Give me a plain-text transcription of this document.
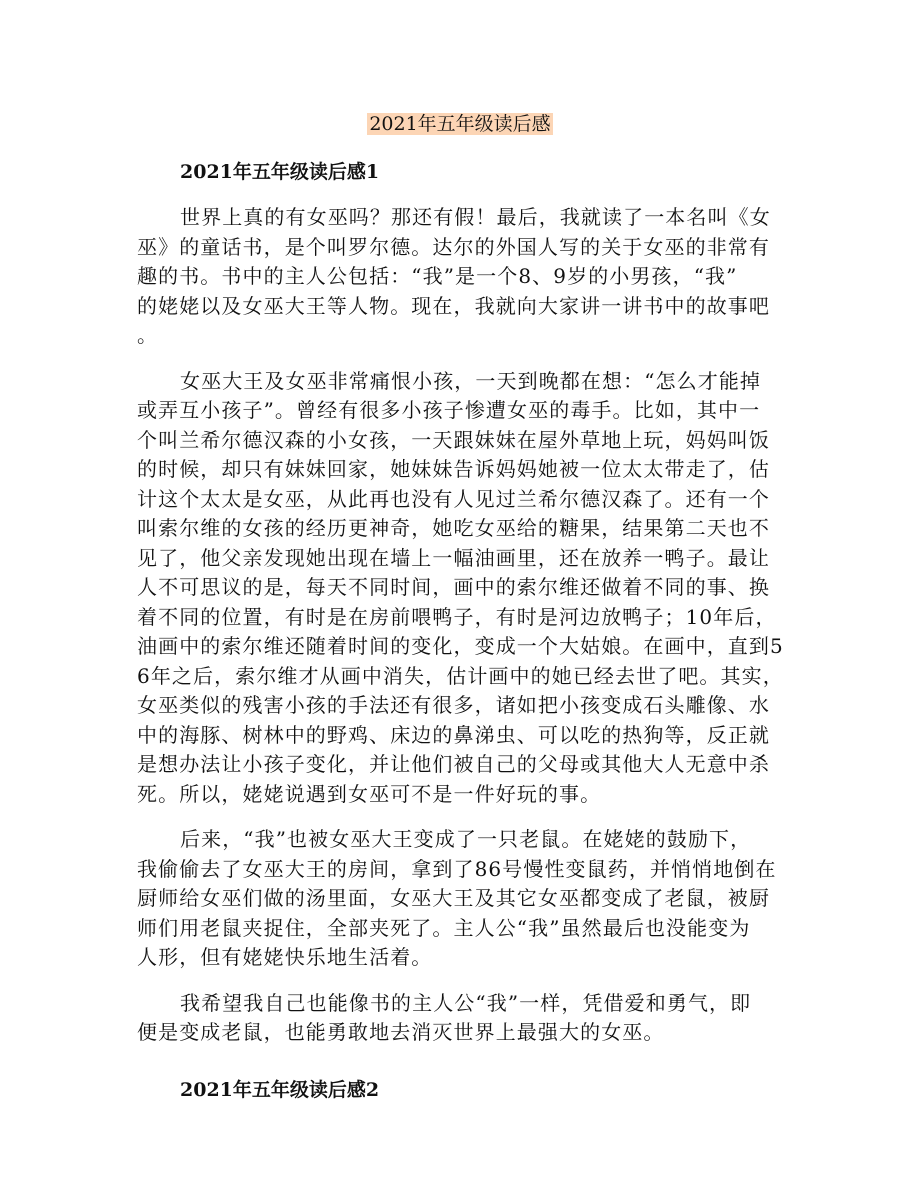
2021年五年级读后感
2021年五年级读后感1
世界上真的有女巫吗？那还有假！最后，我就读了一本名叫《女
巫》的童话书，是个叫罗尔德。达尔的外国人写的关于女巫的非常有
趣的书。书中的主人公包括：“我”是一个8、9岁的小男孩，“我”
的姥姥以及女巫大王等人物。现在，我就向大家讲一讲书中的故事吧
。
女巫大王及女巫非常痛恨小孩，一天到晚都在想：“怎么才能掉
或弄互小孩子”。曾经有很多小孩子惨遭女巫的毒手。比如，其中一
个叫兰希尔德汉森的小女孩，一天跟妹妹在屋外草地上玩，妈妈叫饭
的时候，却只有妹妹回家，她妹妹告诉妈妈她被一位太太带走了，估
计这个太太是女巫，从此再也没有人见过兰希尔德汉森了。还有一个
叫索尔维的女孩的经历更神奇，她吃女巫给的糖果，结果第二天也不
见了，他父亲发现她出现在墙上一幅油画里，还在放养一鸭子。最让
人不可思议的是，每天不同时间，画中的索尔维还做着不同的事、换
着不同的位置，有时是在房前喂鸭子，有时是河边放鸭子；10年后，
油画中的索尔维还随着时间的变化，变成一个大姑娘。在画中，直到5
6年之后，索尔维才从画中消失，估计画中的她已经去世了吧。其实，
女巫类似的残害小孩的手法还有很多，诸如把小孩变成石头雕像、水
中的海豚、树林中的野鸡、床边的鼻涕虫、可以吃的热狗等，反正就
是想办法让小孩子变化，并让他们被自己的父母或其他大人无意中杀
死。所以，姥姥说遇到女巫可不是一件好玩的事。
后来，“我”也被女巫大王变成了一只老鼠。在姥姥的鼓励下，
我偷偷去了女巫大王的房间，拿到了86号慢性变鼠药，并悄悄地倒在
厨师给女巫们做的汤里面，女巫大王及其它女巫都变成了老鼠，被厨
师们用老鼠夹捉住，全部夹死了。主人公“我”虽然最后也没能变为
人形，但有姥姥快乐地生活着。
我希望我自己也能像书的主人公“我”一样，凭借爱和勇气，即
便是变成老鼠，也能勇敢地去消灭世界上最强大的女巫。
2021年五年级读后感2
